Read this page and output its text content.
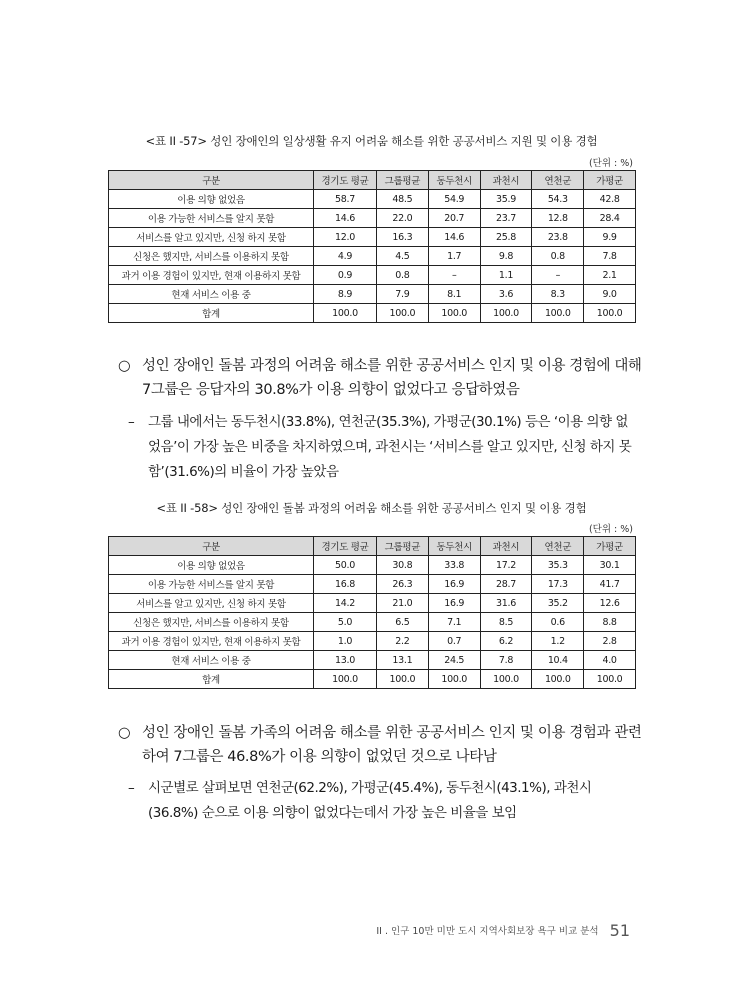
<표 II -57> 성인 장애인의 일상생활 유지 어려움 해소를 위한 공공서비스 지원 및 이용 경험
(단위 : %)
구분	경기도 평균	그룹평균	동두천시	과천시	연천군	가평군
이용 의향 없었음	58.7	48.5	54.9	35.9	54.3	42.8
이용 가능한 서비스를 알지 못함	14.6	22.0	20.7	23.7	12.8	28.4
서비스를 알고 있지만, 신청 하지 못함	12.0	16.3	14.6	25.8	23.8	9.9
신청은 했지만, 서비스를 이용하지 못함	4.9	4.5	1.7	9.8	0.8	7.8
과거 이용 경험이 있지만, 현재 이용하지 못함	0.9	0.8	–	1.1	–	2.1
현재 서비스 이용 중	8.9	7.9	8.1	3.6	8.3	9.0
합계	100.0	100.0	100.0	100.0	100.0	100.0
○ 성인 장애인 돌봄 과정의 어려움 해소를 위한 공공서비스 인지 및 이용 경험에 대해 7그룹은 응답자의 30.8%가 이용 의향이 없었다고 응답하였음
–	그룹 내에서는 동두천시(33.8%), 연천군(35.3%), 가평군(30.1%) 등은 ‘이용 의향 없었음’이 가장 높은 비중을 차지하였으며, 과천시는 ‘서비스를 알고 있지만, 신청 하지 못함’(31.6%)의 비율이 가장 높았음
<표 II -58> 성인 장애인 돌봄 과정의 어려움 해소를 위한 공공서비스 인지 및 이용 경험
(단위 : %)
구분	경기도 평균	그룹평균	동두천시	과천시	연천군	가평군
이용 의향 없었음	50.0	30.8	33.8	17.2	35.3	30.1
이용 가능한 서비스를 알지 못함	16.8	26.3	16.9	28.7	17.3	41.7
서비스를 알고 있지만, 신청 하지 못함	14.2	21.0	16.9	31.6	35.2	12.6
신청은 했지만, 서비스를 이용하지 못함	5.0	6.5	7.1	8.5	0.6	8.8
과거 이용 경험이 있지만, 현재 이용하지 못함	1.0	2.2	0.7	6.2	1.2	2.8
현재 서비스 이용 중	13.0	13.1	24.5	7.8	10.4	4.0
합계	100.0	100.0	100.0	100.0	100.0	100.0
○ 성인 장애인 돌봄 가족의 어려움 해소를 위한 공공서비스 인지 및 이용 경험과 관련하여 7그룹은 46.8%가 이용 의향이 없었던 것으로 나타남
–	시군별로 살펴보면 연천군(62.2%), 가평군(45.4%), 동두천시(43.1%), 과천시(36.8%) 순으로 이용 의향이 없었다는데서 가장 높은 비율을 보임
II . 인구 10만 미만 도시 지역사회보장 욕구 비교 분석 51
